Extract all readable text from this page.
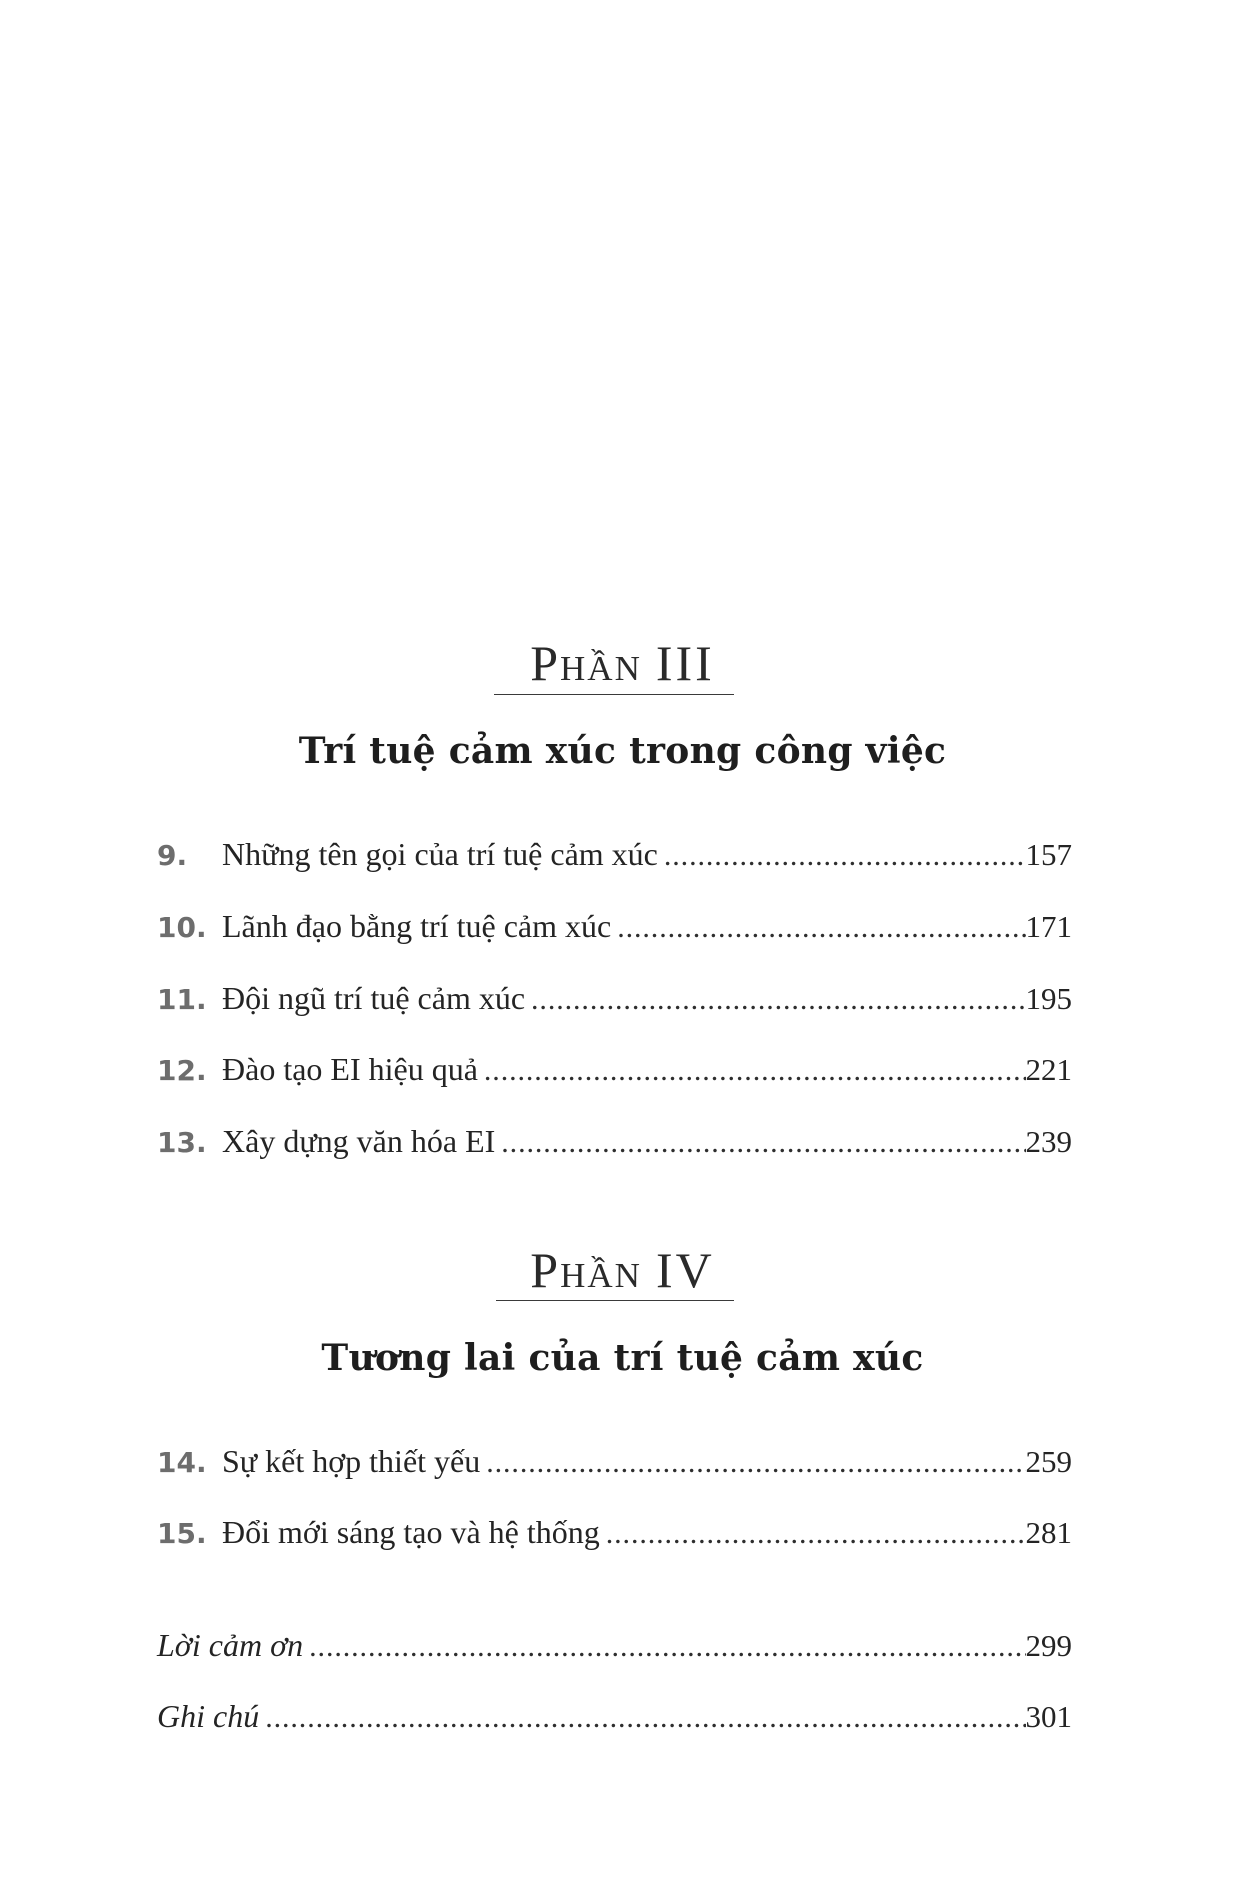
Phần III
Trí tuệ cảm xúc trong công việc
9.	Những tên gọi của trí tuệ cảm xúc . . .	157
10. Lãnh đạo bằng trí tuệ cảm xúc . . .	171
11. Đội ngũ trí tuệ cảm xúc . . .	195
12. Đào tạo EI hiệu quả . . .	221
13. Xây dựng văn hóa EI . . .	239
Phần IV
Tương lai của trí tuệ cảm xúc
14. Sự kết hợp thiết yếu . . .	259
15. Đổi mới sáng tạo và hệ thống . . .	281
Lời cảm ơn . . .	299
Ghi chú . . .	301
